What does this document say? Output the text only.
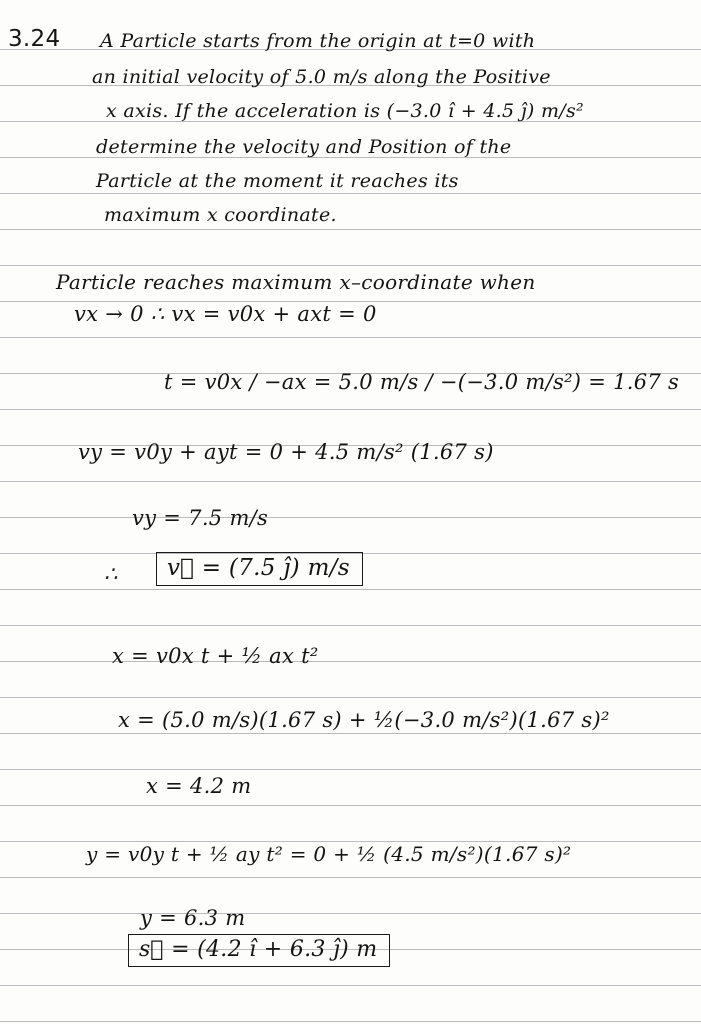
3.24 A Particle starts from the origin at t=0 with
an initial velocity of 5.0 m/s along the Positive
x axis. If the acceleration is (−3.0 î + 4.5 ĵ) m/s²
determine the velocity and Position of the
Particle at the moment it reaches its
maximum x coordinate.
Particle reaches maximum x–coordinate when
vx → 0 ∴ vx = v0x + axt = 0
t = v0x / −ax = 5.0 m/s / −(−3.0 m/s²) = 1.67 s
vy = v0y + ayt = 0 + 4.5 m/s² (1.67 s)
vy = 7.5 m/s
∴	v⃗ = (7.5 ĵ) m/s
x = v0x t + ½ ax t²
x = (5.0 m/s)(1.67 s) + ½(−3.0 m/s²)(1.67 s)²
x = 4.2 m
y = v0y t + ½ ay t² = 0 + ½ (4.5 m/s²)(1.67 s)²
y = 6.3 m
s⃗ = (4.2 î + 6.3 ĵ) m
